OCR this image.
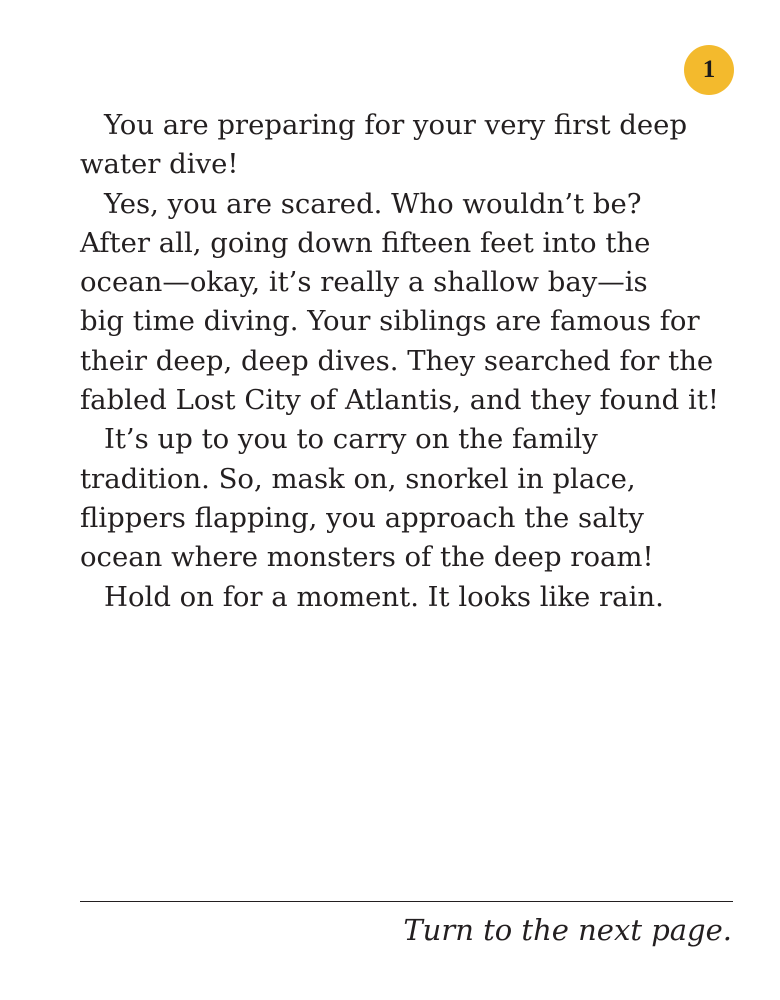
1

You are preparing for your very first deep
water dive!

Yes, you are scared. Who wouldn’t be?
After all, going down fifteen feet into the
ocean—okay, it’s really a shallow bay—is
big time diving. Your siblings are famous for
their deep, deep dives. They searched for the
fabled Lost City of Atlantis, and they found it!

It’s up to you to carry on the family
tradition. So, mask on, snorkel in place,
flippers flapping, you approach the salty
ocean where monsters of the deep roam!

Hold on for a moment. It looks like rain.

Turn to the next page.
